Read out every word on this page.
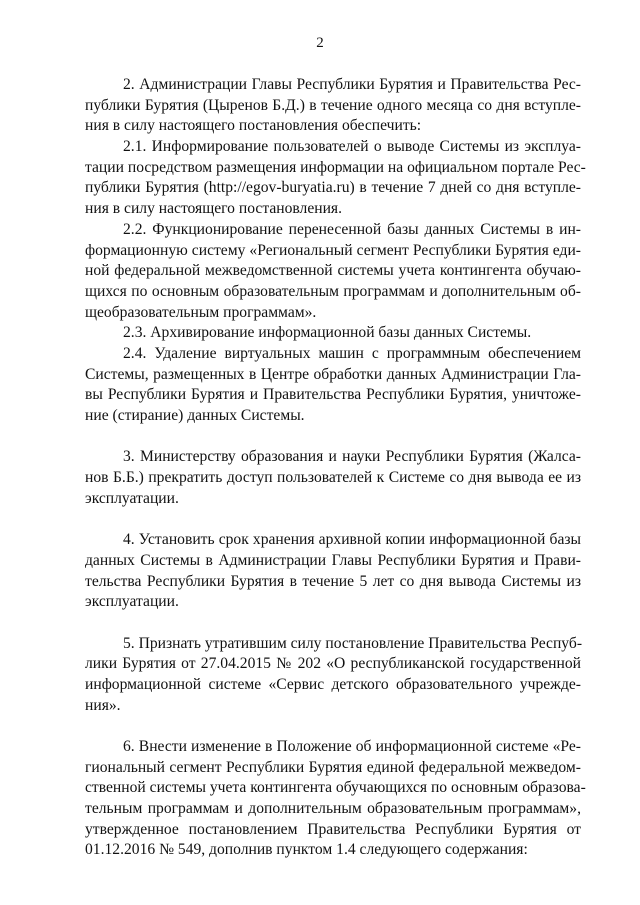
2
2. Администрации Главы Республики Бурятия и Правительства Рес-
публики Бурятия (Цыренов Б.Д.) в течение одного месяца со дня вступле-
ния в силу настоящего постановления обеспечить:
2.1. Информирование пользователей о выводе Системы из эксплуа-
тации посредством размещения информации на официальном портале Рес-
публики Бурятия (http://egov-buryatia.ru) в течение 7 дней со дня вступле-
ния в силу настоящего постановления.
2.2. Функционирование перенесенной базы данных Системы в ин-
формационную систему «Региональный сегмент Республики Бурятия еди-
ной федеральной межведомственной системы учета контингента обучаю-
щихся по основным образовательным программам и дополнительным об-
щеобразовательным программам».
2.3. Архивирование информационной базы данных Системы.
2.4. Удаление виртуальных машин с программным обеспечением
Системы, размещенных в Центре обработки данных Администрации Гла-
вы Республики Бурятия и Правительства Республики Бурятия, уничтоже-
ние (стирание) данных Системы.
3. Министерству образования и науки Республики Бурятия (Жалса-
нов Б.Б.) прекратить доступ пользователей к Системе со дня вывода ее из
эксплуатации.
4. Установить срок хранения архивной копии информационной базы
данных Системы в Администрации Главы Республики Бурятия и Прави-
тельства Республики Бурятия в течение 5 лет со дня вывода Системы из
эксплуатации.
5. Признать утратившим силу постановление Правительства Респуб-
лики Бурятия от 27.04.2015 № 202 «О республиканской государственной
информационной системе «Сервис детского образовательного учрежде-
ния».
6. Внести изменение в Положение об информационной системе «Ре-
гиональный сегмент Республики Бурятия единой федеральной межведом-
ственной системы учета контингента обучающихся по основным образова-
тельным программам и дополнительным образовательным программам»,
утвержденное постановлением Правительства Республики Бурятия от
01.12.2016 № 549, дополнив пунктом 1.4 следующего содержания:
